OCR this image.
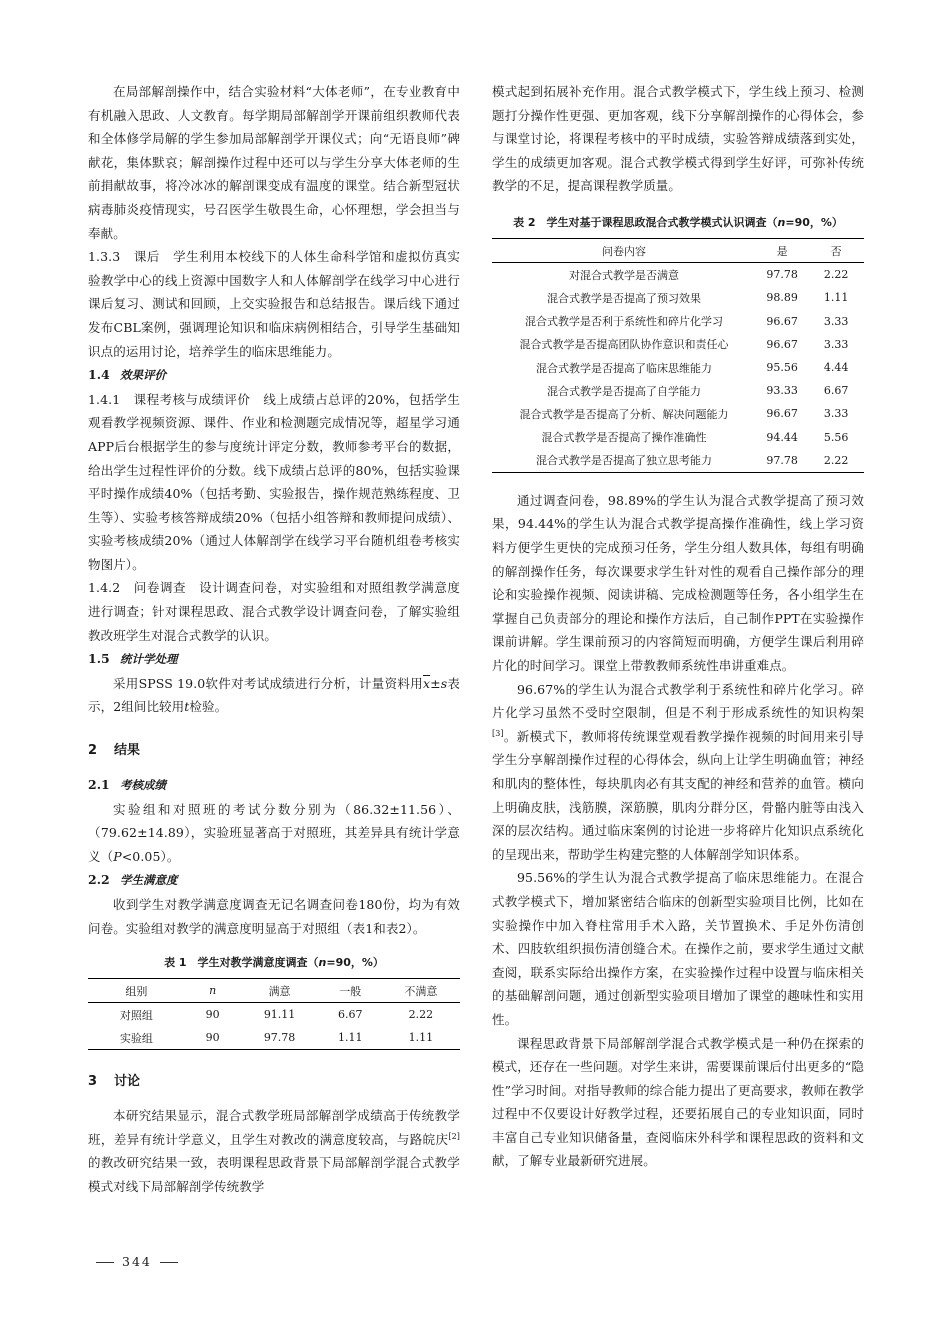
在局部解剖操作中，结合实验材料“大体老师”，在专业教育中有机融入思政、人文教育。每学期局部解剖学开课前组织教师代表和全体修学局解的学生参加局部解剖学开课仪式；向“无语良师”碑献花，集体默哀；解剖操作过程中还可以与学生分享大体老师的生前捐献故事，将冷冰冰的解剖课变成有温度的课堂。结合新型冠状病毒肺炎疫情现实，号召医学生敬畏生命，心怀理想，学会担当与奉献。

1.3.3　 课后　 学生利用本校线下的人体生命科学馆和虚拟仿真实验教学中心的线上资源中国数字人和人体解剖学在线学习中心进行课后复习、测试和回顾，上交实验报告和总结报告。课后线下通过发布CBL案例，强调理论知识和临床病例相结合，引导学生基础知识点的运用讨论，培养学生的临床思维能力。

1.4 效果评价

1.4.1　 课程考核与成绩评价　 线上成绩占总评的20%，包括学生观看教学视频资源、课件、作业和检测题完成情况等，超星学习通APP后台根据学生的参与度统计评定分数，教师参考平台的数据，给出学生过程性评价的分数。线下成绩占总评的80%，包括实验课平时操作成绩40%（包括考勤、实验报告，操作规范熟练程度、卫生等）、实验考核答辩成绩20%（包括小组答辩和教师提问成绩）、实验考核成绩20%（通过人体解剖学在线学习平台随机组卷考核实物图片）。

1.4.2　 问卷调查　 设计调查问卷，对实验组和对照组教学满意度进行调查；针对课程思政、混合式教学设计调查问卷，了解实验组教改班学生对混合式教学的认识。

1.5 统计学处理

采用SPSS 19.0软件对考试成绩进行分析，计量资料用$\overline{x}\pm s$表示，2组间比较用t检验。

2 结果
2.1 考核成绩

实验组和对照班的考试分数分别为（86.32±11.56）、（79.62±14.89），实验班显著高于对照班，其差异具有统计学意义（P<0.05）。

2.2 学生满意度

收到学生对教学满意度调查无记名调查问卷180份，均为有效问卷。实验组对教学的满意度明显高于对照组（表1和表2）。

表 1　学生对教学满意度调查（n=90，%）
组别	n	满意	一般	不满意
对照组	90	91.11	6.67	2.22
实验组	90	97.78	1.11	1.11
3 讨论

本研究结果显示，混合式教学班局部解剖学成绩高于传统教学班，差异有统计学意义，且学生对教改的满意度较高，与路皖庆[2]的教改研究结果一致，表明课程思政背景下局部解剖学混合式教学模式对线下局部解剖学传统教学

模式起到拓展补充作用。混合式教学模式下，学生线上预习、检测题打分操作性更强、更加客观，线下分享解剖操作的心得体会，参与课堂讨论，将课程考核中的平时成绩，实验答辩成绩落到实处，学生的成绩更加客观。混合式教学模式得到学生好评，可弥补传统教学的不足，提高课程教学质量。

表 2　学生对基于课程思政混合式教学模式认识调查（n=90，%）
问卷内容	是	否
对混合式教学是否满意	97.78	2.22
混合式教学是否提高了预习效果	98.89	1.11
混合式教学是否利于系统性和碎片化学习	96.67	3.33
混合式教学是否提高团队协作意识和责任心	96.67	3.33
混合式教学是否提高了临床思维能力	95.56	4.44
混合式教学是否提高了自学能力	93.33	6.67
混合式教学是否提高了分析、解决问题能力	96.67	3.33
混合式教学是否提高了操作准确性	94.44	5.56
混合式教学是否提高了独立思考能力	97.78	2.22

通过调查问卷，98.89%的学生认为混合式教学提高了预习效果，94.44%的学生认为混合式教学提高操作准确性，线上学习资料方便学生更快的完成预习任务，学生分组人数具体，每组有明确的解剖操作任务，每次课要求学生针对性的观看自己操作部分的理论和实验操作视频、阅读讲稿、完成检测题等任务，各小组学生在掌握自己负责部分的理论和操作方法后，自己制作PPT在实验操作课前讲解。学生课前预习的内容简短而明确，方便学生课后利用碎片化的时间学习。课堂上带教教师系统性串讲重难点。

96.67%的学生认为混合式教学利于系统性和碎片化学习。碎片化学习虽然不受时空限制，但是不利于形成系统性的知识构架[3]。新模式下，教师将传统课堂观看教学操作视频的时间用来引导学生分享解剖操作过程的心得体会，纵向上让学生明确血管；神经和肌肉的整体性，每块肌肉必有其支配的神经和营养的血管。横向上明确皮肤，浅筋膜，深筋膜，肌肉分群分区，骨骼内脏等由浅入深的层次结构。通过临床案例的讨论进一步将碎片化知识点系统化的呈现出来，帮助学生构建完整的人体解剖学知识体系。

95.56%的学生认为混合式教学提高了临床思维能力。在混合式教学模式下，增加紧密结合临床的创新型实验项目比例，比如在实验操作中加入脊柱常用手术入路，关节置换术、手足外伤清创术、四肢软组织损伤清创缝合术。在操作之前，要求学生通过文献查阅，联系实际给出操作方案，在实验操作过程中设置与临床相关的基础解剖问题，通过创新型实验项目增加了课堂的趣味性和实用性。

课程思政背景下局部解剖学混合式教学模式是一种仍在探索的模式，还存在一些问题。对学生来讲，需要课前课后付出更多的“隐性”学习时间。对指导教师的综合能力提出了更高要求，教师在教学过程中不仅要设计好教学过程，还要拓展自己的专业知识面，同时丰富自己专业知识储备量，查阅临床外科学和课程思政的资料和文献，了解专业最新研究进展。

344
